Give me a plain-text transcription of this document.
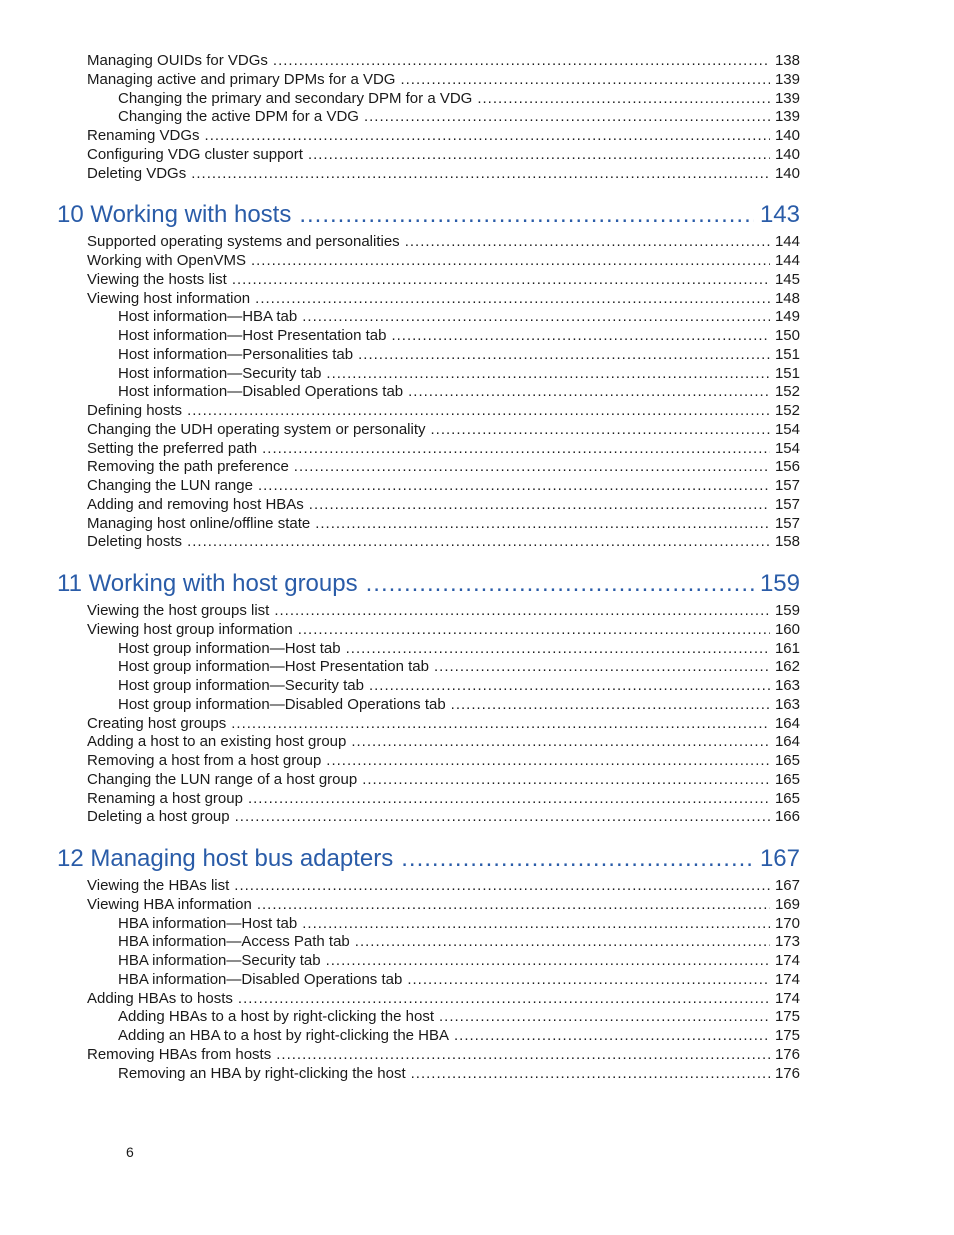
Managing OUIDs for VDGs .....	138
Managing active and primary DPMs for a VDG .....	139
Changing the primary and secondary DPM for a VDG .....	139
Changing the active DPM for a VDG .....	139
Renaming VDGs .....	140
Configuring VDG cluster support .....	140
Deleting VDGs .....	140
10 Working with hosts .....	143
Supported operating systems and personalities .....	144
Working with OpenVMS .....	144
Viewing the hosts list .....	145
Viewing host information .....	148
Host information—HBA tab .....	149
Host information—Host Presentation tab .....	150
Host information—Personalities tab .....	151
Host information—Security tab .....	151
Host information—Disabled Operations tab .....	152
Defining hosts .....	152
Changing the UDH operating system or personality .....	154
Setting the preferred path .....	154
Removing the path preference .....	156
Changing the LUN range .....	157
Adding and removing host HBAs .....	157
Managing host online/offline state .....	157
Deleting hosts .....	158
11 Working with host groups .....	159
Viewing the host groups list .....	159
Viewing host group information .....	160
Host group information—Host tab .....	161
Host group information—Host Presentation tab .....	162
Host group information—Security tab .....	163
Host group information—Disabled Operations tab .....	163
Creating host groups .....	164
Adding a host to an existing host group .....	164
Removing a host from a host group .....	165
Changing the LUN range of a host group .....	165
Renaming a host group .....	165
Deleting a host group .....	166
12 Managing host bus adapters .....	167
Viewing the HBAs list .....	167
Viewing HBA information .....	169
HBA information—Host tab .....	170
HBA information—Access Path tab .....	173
HBA information—Security tab .....	174
HBA information—Disabled Operations tab .....	174
Adding HBAs to hosts .....	174
Adding HBAs to a host by right-clicking the host .....	175
Adding an HBA to a host by right-clicking the HBA .....	175
Removing HBAs from hosts .....	176
Removing an HBA by right-clicking the host .....	176
6
